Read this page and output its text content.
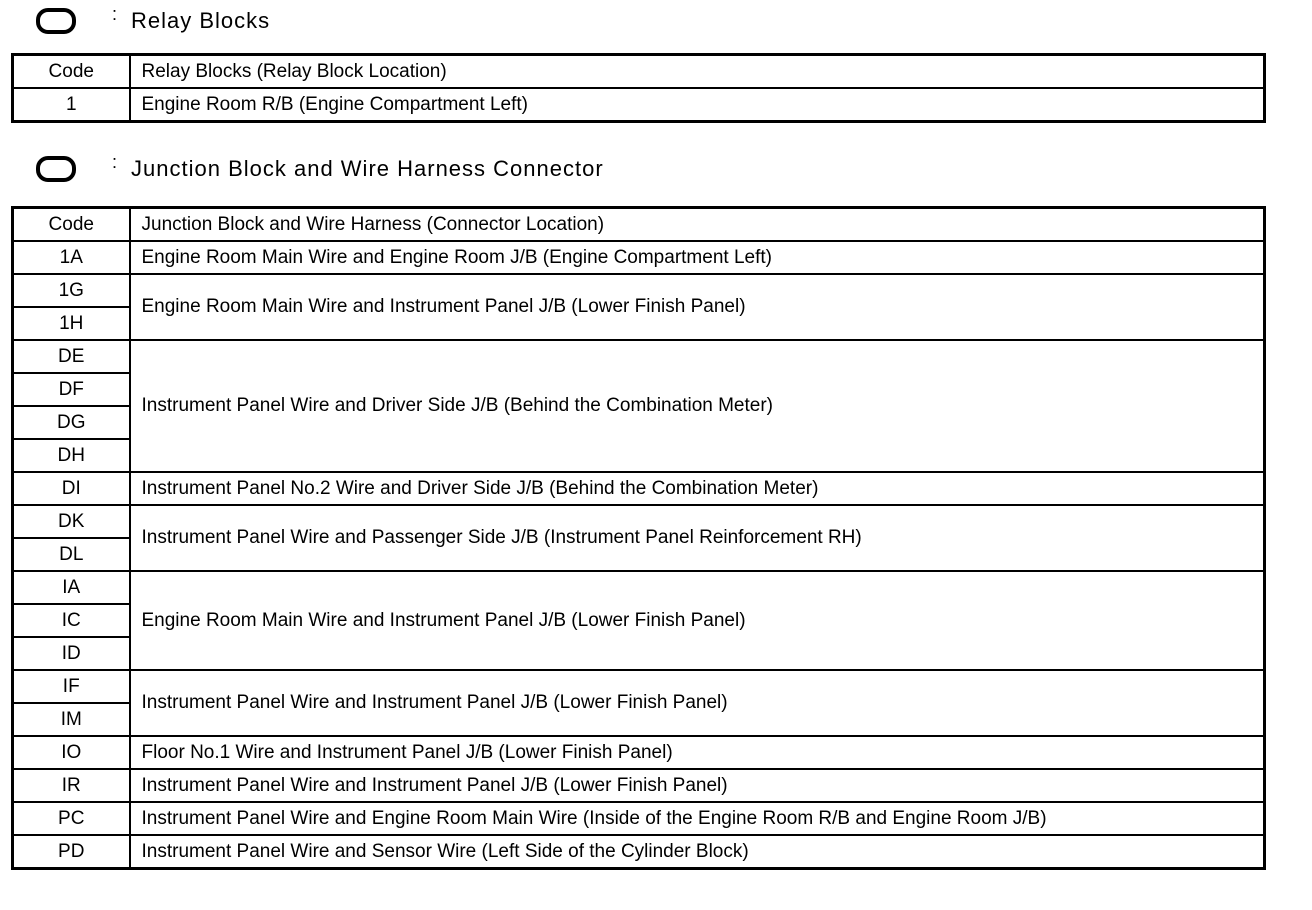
: Relay Blocks
Code	Relay Blocks (Relay Block Location)
1	Engine Room R/B (Engine Compartment Left)
: Junction Block and Wire Harness Connector
Code	Junction Block and Wire Harness (Connector Location)
1A	Engine Room Main Wire and Engine Room J/B (Engine Compartment Left)
1G	Engine Room Main Wire and Instrument Panel J/B (Lower Finish Panel)
1H	
DE	Instrument Panel Wire and Driver Side J/B (Behind the Combination Meter)
DF	
DG	
DH	
DI	Instrument Panel No.2 Wire and Driver Side J/B (Behind the Combination Meter)
DK	Instrument Panel Wire and Passenger Side J/B (Instrument Panel Reinforcement RH)
DL	
IA	Engine Room Main Wire and Instrument Panel J/B (Lower Finish Panel)
IC	
ID	
IF	Instrument Panel Wire and Instrument Panel J/B (Lower Finish Panel)
IM	
IO	Floor No.1 Wire and Instrument Panel J/B (Lower Finish Panel)
IR	Instrument Panel Wire and Instrument Panel J/B (Lower Finish Panel)
PC	Instrument Panel Wire and Engine Room Main Wire (Inside of the Engine Room R/B and Engine Room J/B)
PD	Instrument Panel Wire and Sensor Wire (Left Side of the Cylinder Block)
